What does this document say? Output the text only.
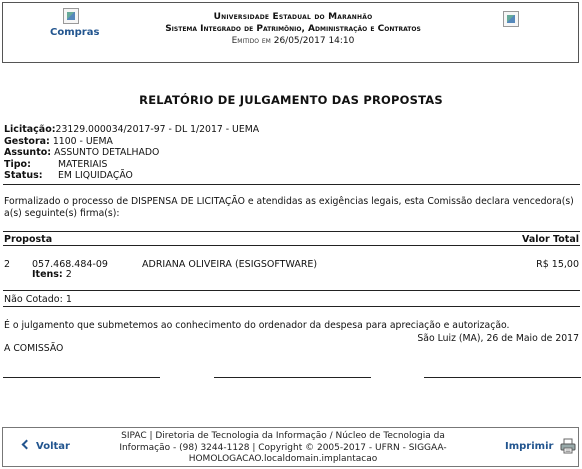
Compras
Universidade Estadual do Maranhão
Sistema Integrado de Patrimônio, Administração e Contratos
Emitido em 26/05/2017 14:10
RELATÓRIO DE JULGAMENTO DAS PROPOSTAS
Licitação:23129.000034/2017-97 - DL 1/2017 - UEMA
Gestora: 1100 - UEMA
Assunto: ASSUNTO DETALHADO
Tipo:	MATERIAIS
Status: EM LIQUIDAÇÃO
Formalizado o processo de DISPENSA DE LICITAÇÃO e atendidas as exigências legais, esta Comissão declara vencedora(s) a(s) seguinte(s) firma(s):
Proposta	Valor Total
2 057.468.484-09	ADRIANA OLIVEIRA (ESIGSOFTWARE)	R$ 15,00
Itens: 2
Não Cotado: 1
É o julgamento que submetemos ao conhecimento do ordenador da despesa para apreciação e autorização.
São Luiz (MA), 26 de Maio de 2017
A COMISSÃO
Voltar
SIPAC | Diretoria de Tecnologia da Informação / Núcleo de Tecnologia da
Informação - (98) 3244-1128 | Copyright © 2005-2017 - UFRN - SIGGAA-
HOMOLOGACAO.localdomain.implantacao
Imprimir
